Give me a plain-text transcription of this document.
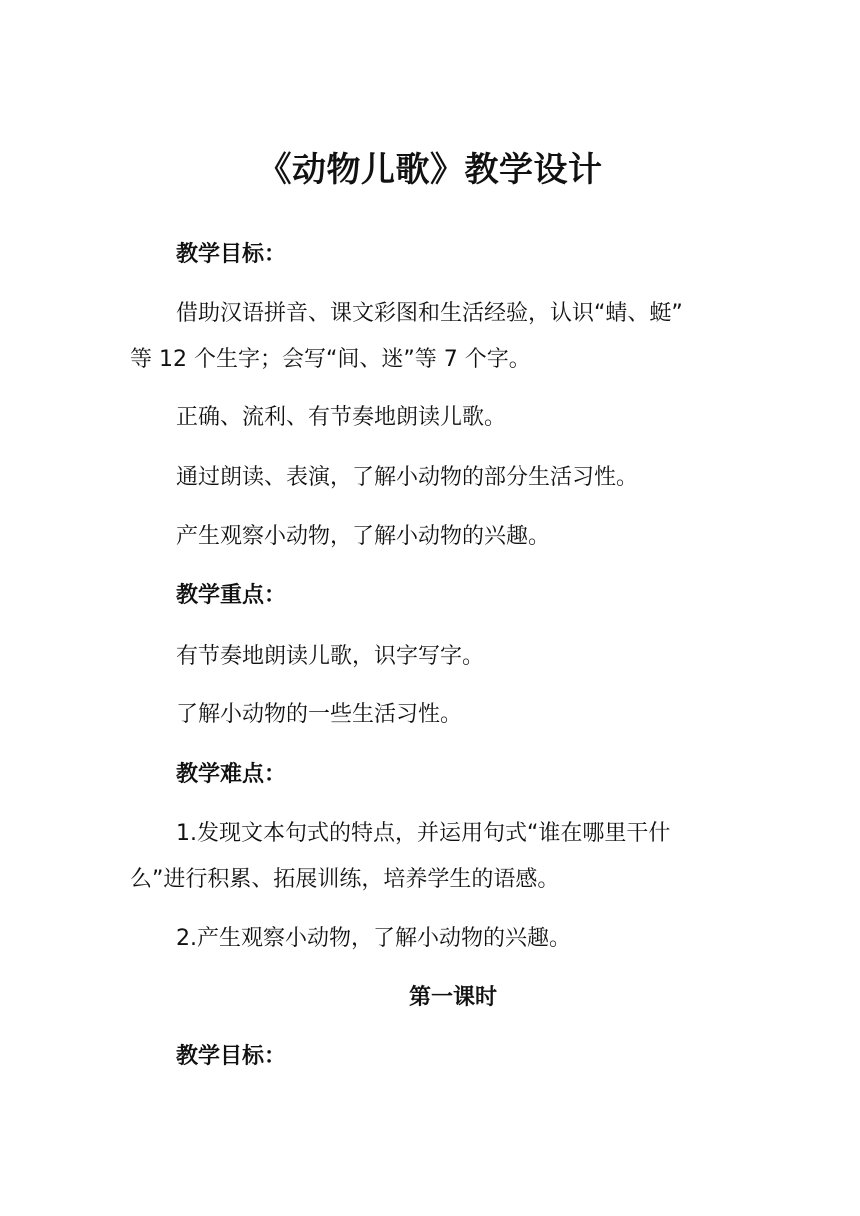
《动物儿歌》教学设计
教学目标：
借助汉语拼音、课文彩图和生活经验，认识“蜻、蜓”
等 12 个生字；会写“间、迷”等 7 个字。
正确、流利、有节奏地朗读儿歌。
通过朗读、表演，了解小动物的部分生活习性。
产生观察小动物，了解小动物的兴趣。
教学重点：
有节奏地朗读儿歌，识字写字。
了解小动物的一些生活习性。
教学难点：
1.发现文本句式的特点，并运用句式“谁在哪里干什
么”进行积累、拓展训练，培养学生的语感。
2.产生观察小动物，了解小动物的兴趣。
第一课时
教学目标：
